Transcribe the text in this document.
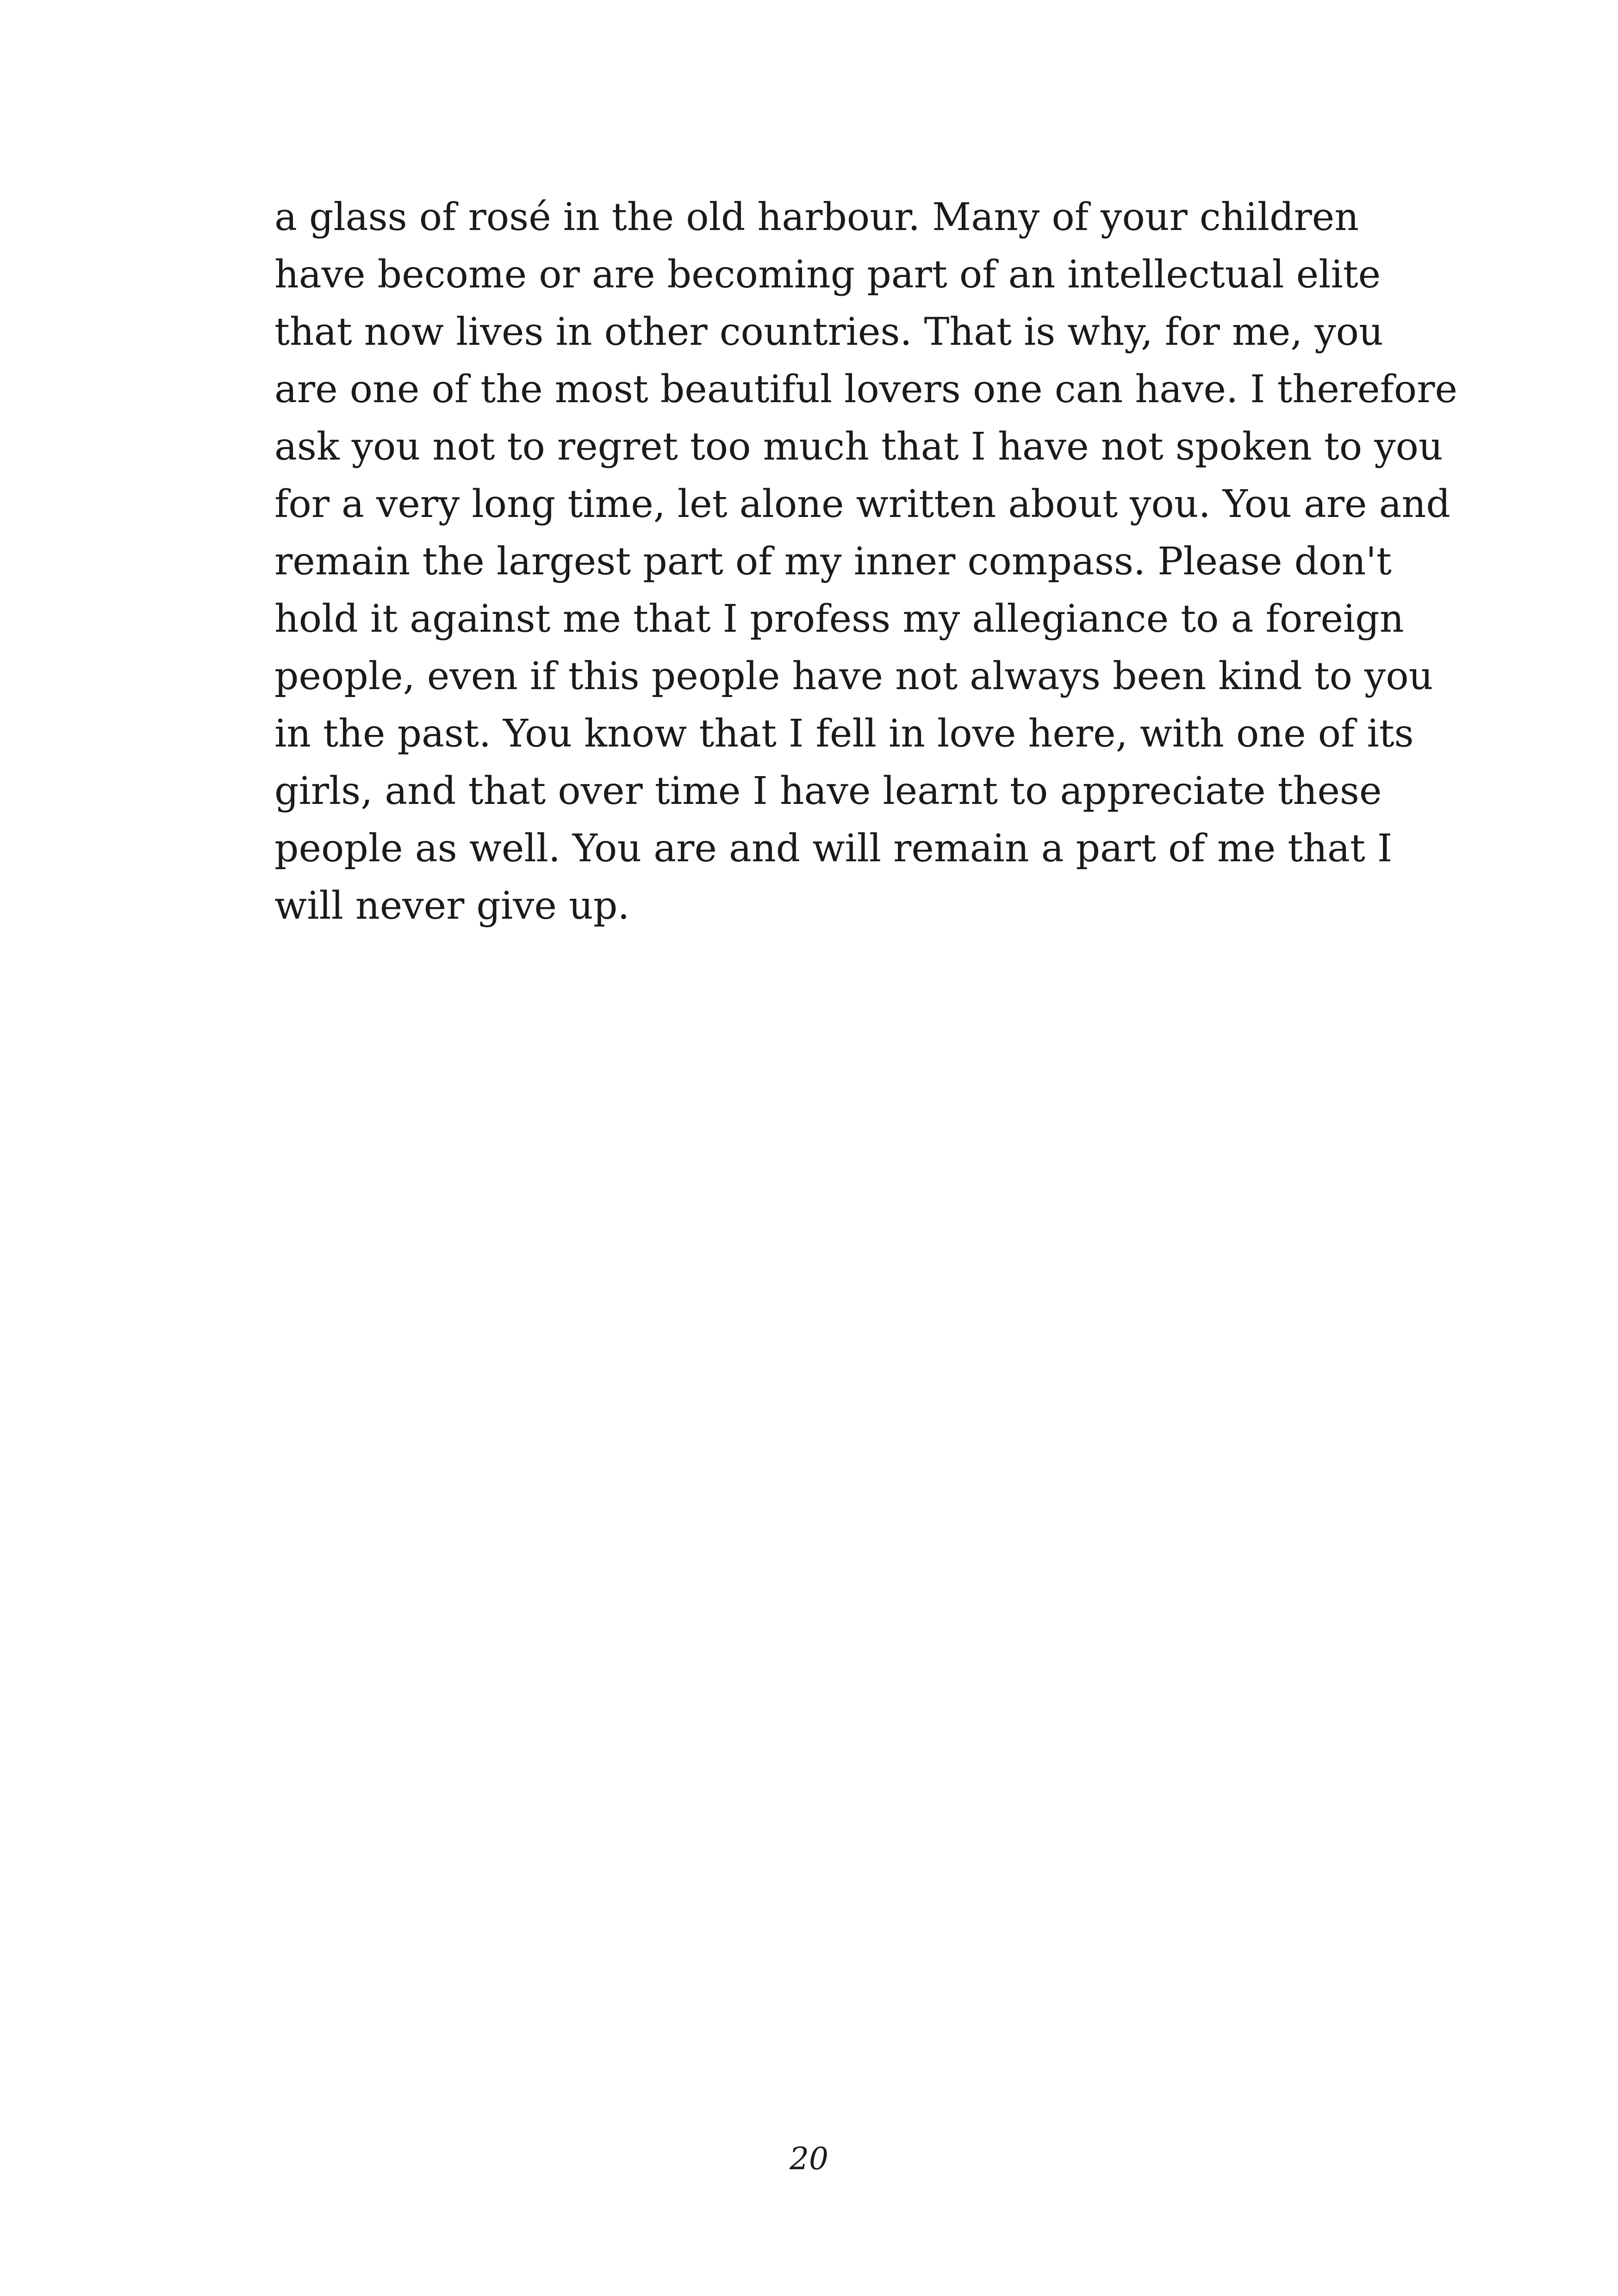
a glass of rosé in the old harbour. Many of your children
have become or are becoming part of an intellectual elite
that now lives in other countries. That is why, for me, you
are one of the most beautiful lovers one can have. I therefore
ask you not to regret too much that I have not spoken to you
for a very long time, let alone written about you. You are and
remain the largest part of my inner compass. Please don't
hold it against me that I profess my allegiance to a foreign
people, even if this people have not always been kind to you
in the past. You know that I fell in love here, with one of its
girls, and that over time I have learnt to appreciate these
people as well. You are and will remain a part of me that I
will never give up.
20
